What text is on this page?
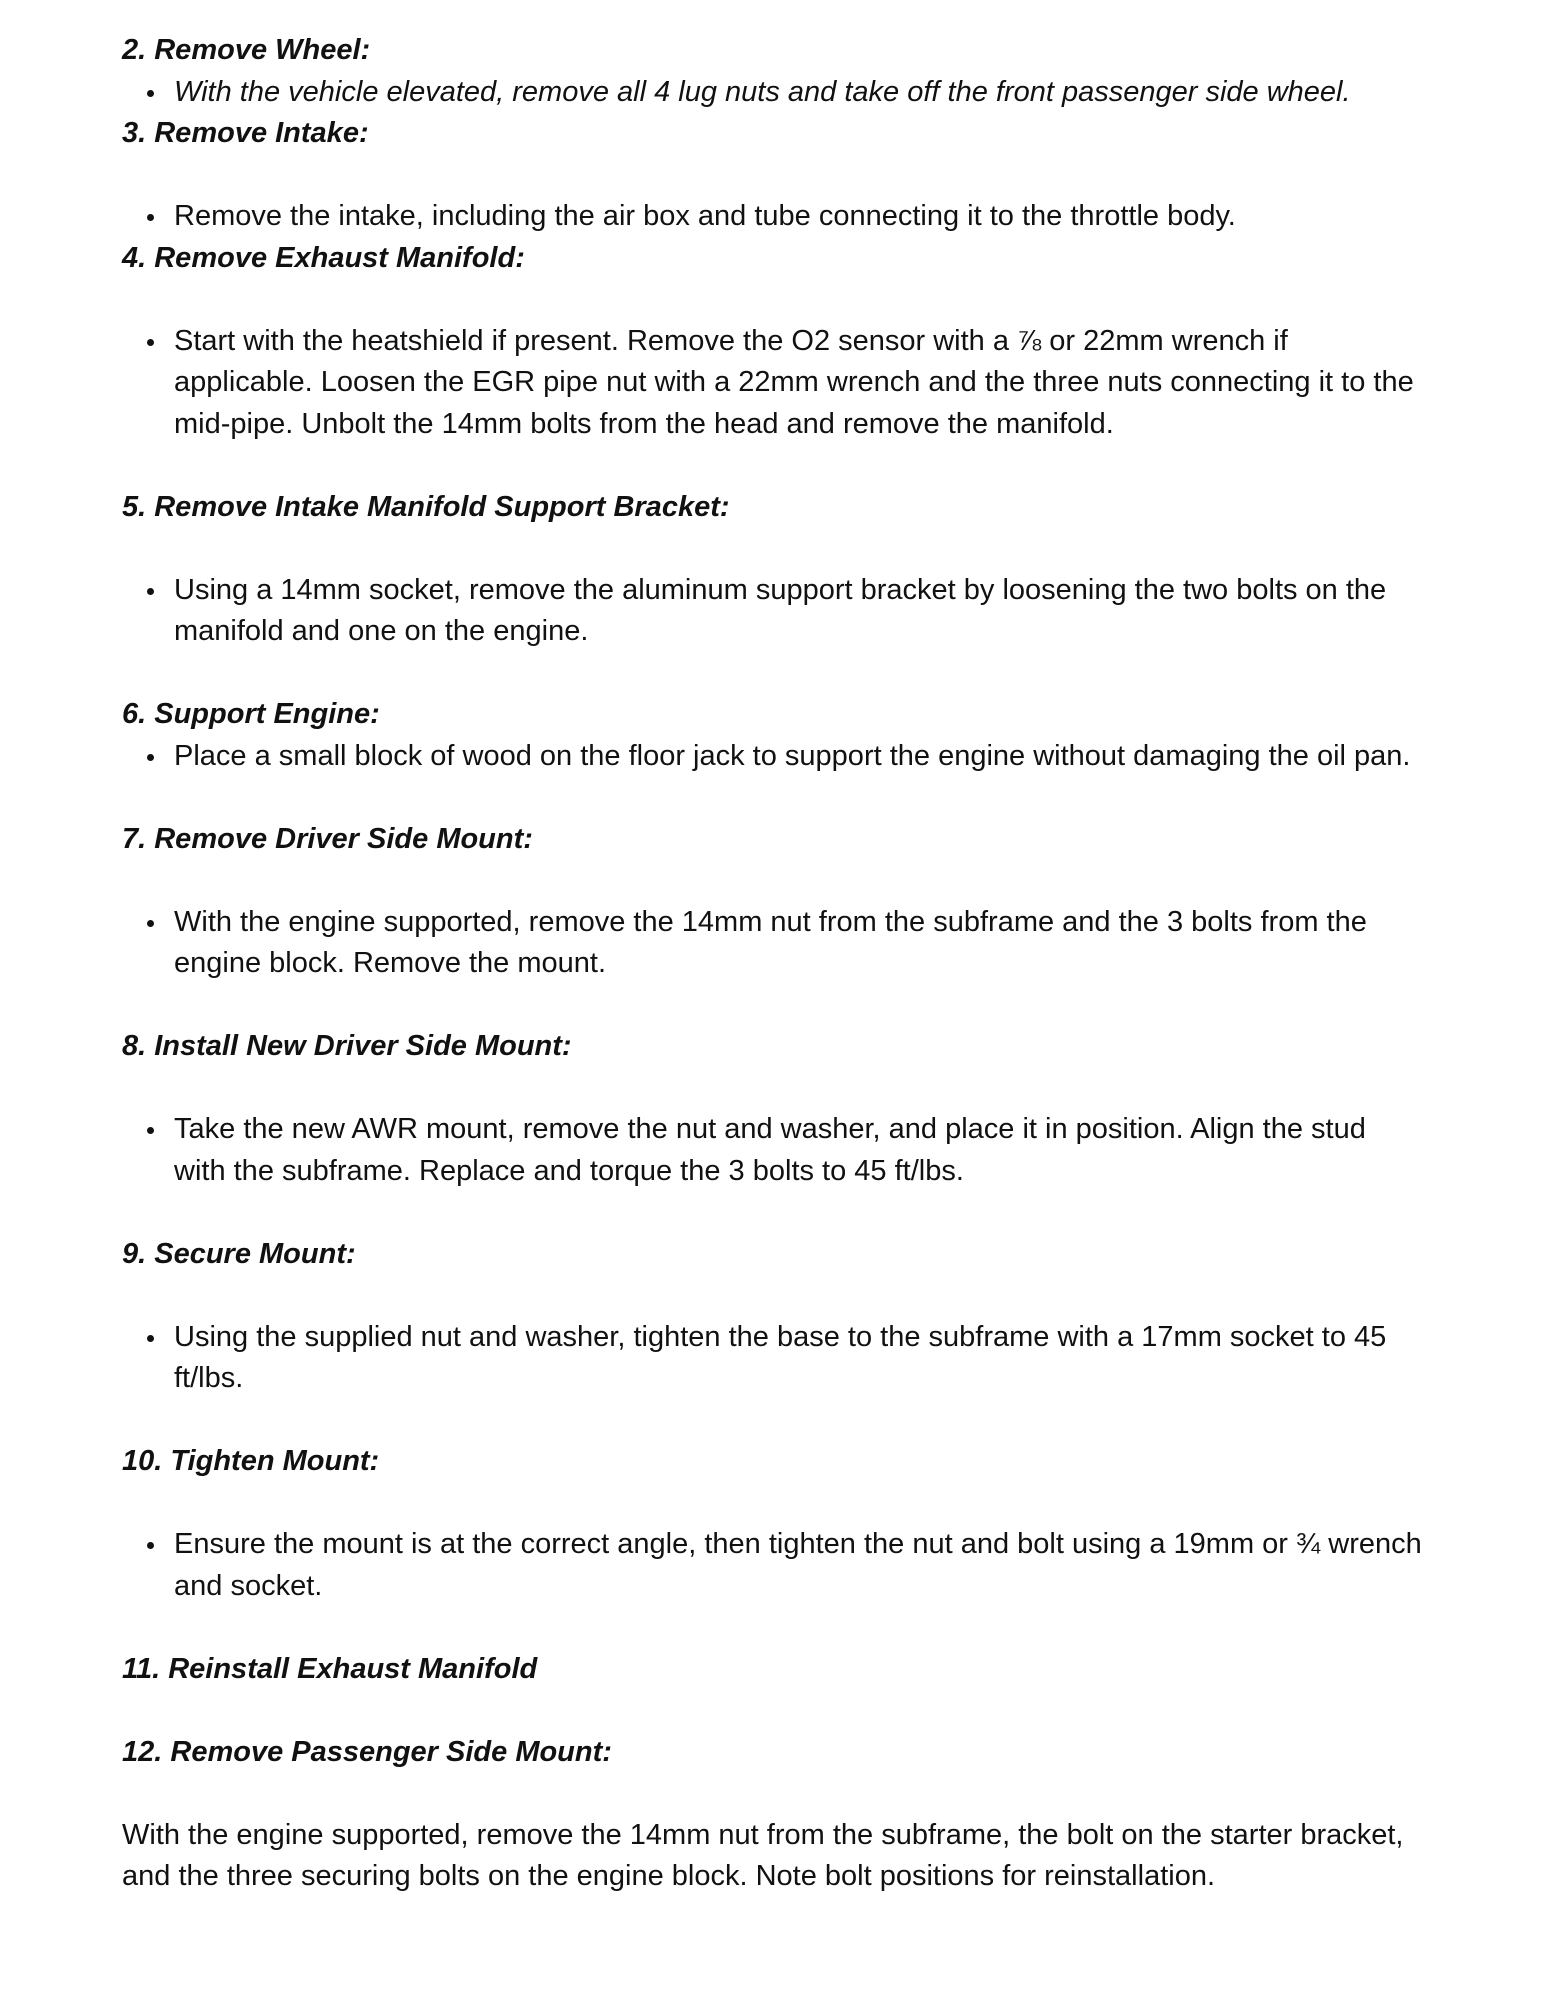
2. Remove Wheel:
With the vehicle elevated, remove all 4 lug nuts and take off the front passenger side wheel.
3. Remove Intake:
Remove the intake, including the air box and tube connecting it to the throttle body.
4. Remove Exhaust Manifold:
Start with the heatshield if present. Remove the O2 sensor with a ⅞ or 22mm wrench if applicable. Loosen the EGR pipe nut with a 22mm wrench and the three nuts connecting it to the mid-pipe. Unbolt the 14mm bolts from the head and remove the manifold.
5. Remove Intake Manifold Support Bracket:
Using a 14mm socket, remove the aluminum support bracket by loosening the two bolts on the manifold and one on the engine.
6. Support Engine:
Place a small block of wood on the floor jack to support the engine without damaging the oil pan.
7. Remove Driver Side Mount:
With the engine supported, remove the 14mm nut from the subframe and the 3 bolts from the engine block. Remove the mount.
8. Install New Driver Side Mount:
Take the new AWR mount, remove the nut and washer, and place it in position. Align the stud with the subframe. Replace and torque the 3 bolts to 45 ft/lbs.
9. Secure Mount:
Using the supplied nut and washer, tighten the base to the subframe with a 17mm socket to 45 ft/lbs.
10. Tighten Mount:
Ensure the mount is at the correct angle, then tighten the nut and bolt using a 19mm or ¾ wrench and socket.
11. Reinstall Exhaust Manifold
12. Remove Passenger Side Mount:

With the engine supported, remove the 14mm nut from the subframe, the bolt on the starter bracket, and the three securing bolts on the engine block. Note bolt positions for reinstallation.
